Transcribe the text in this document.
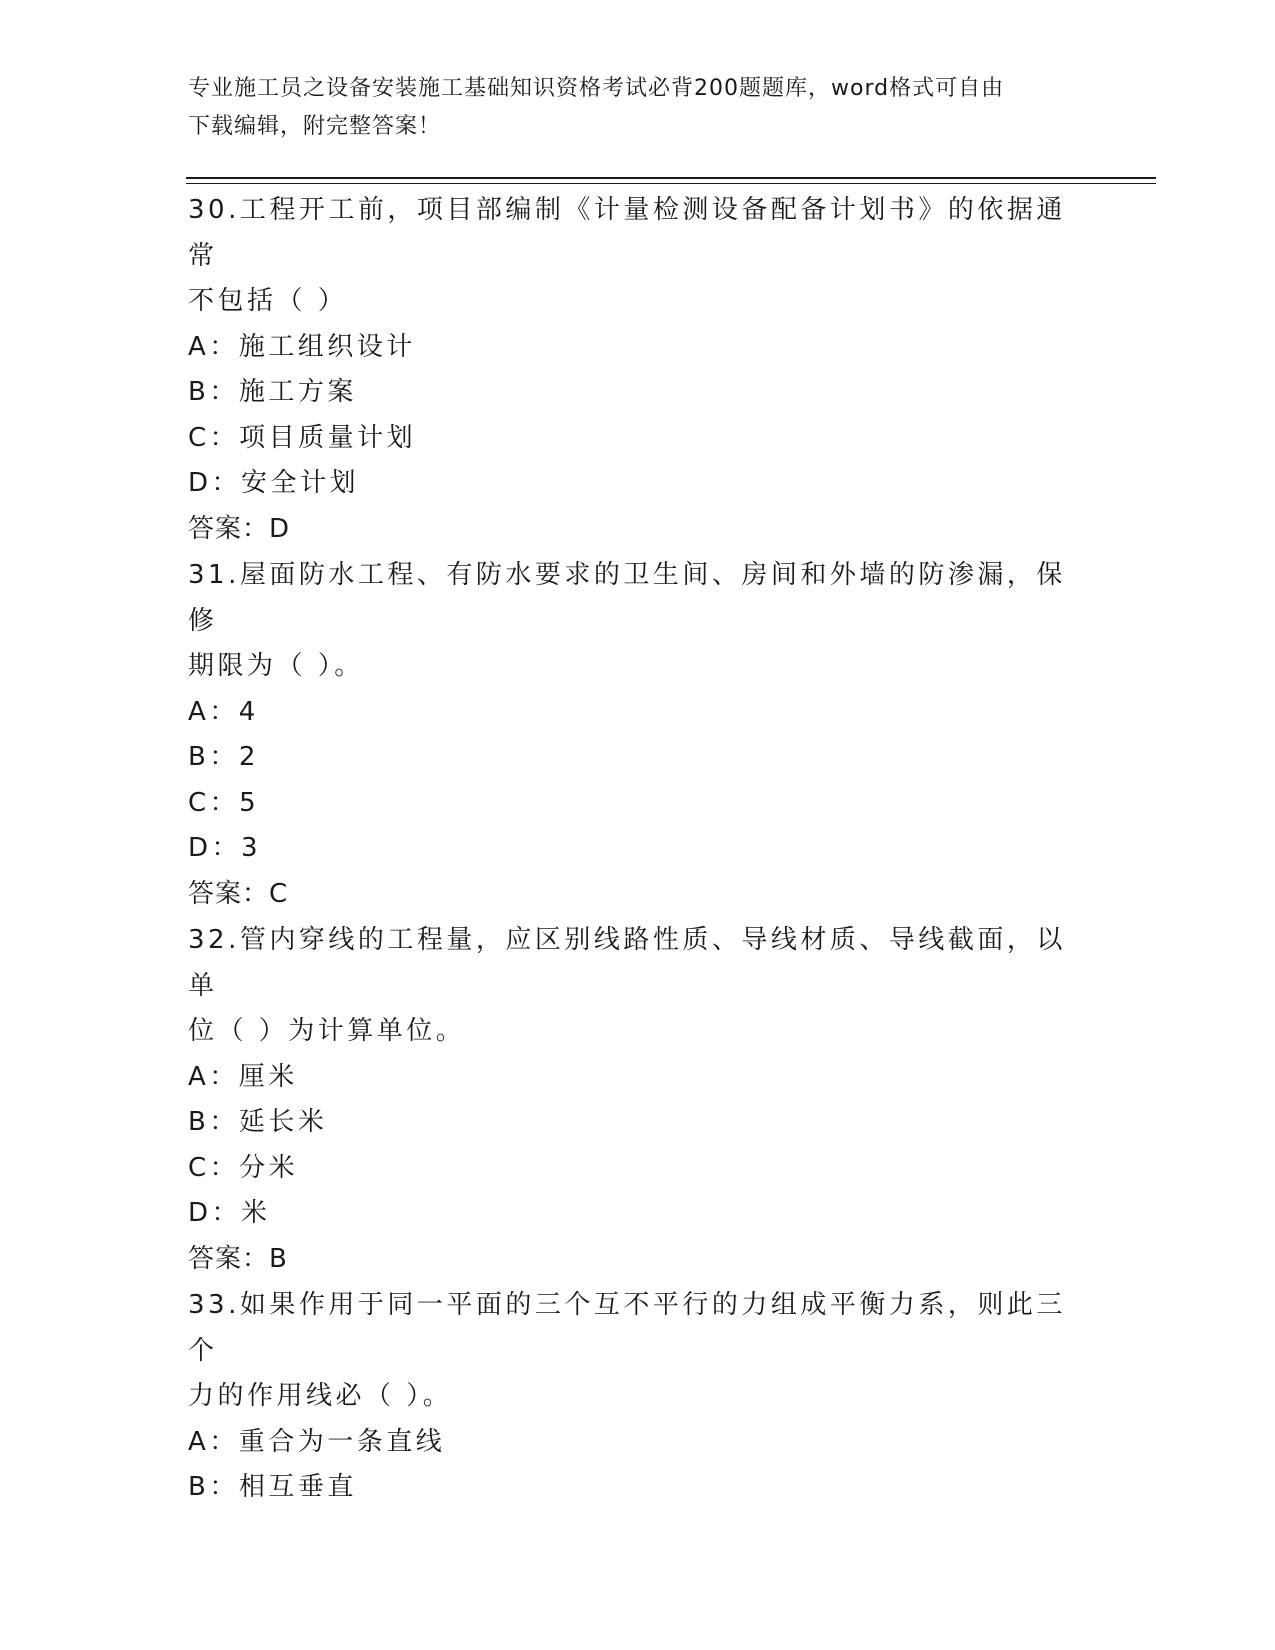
专业施工员之设备安装施工基础知识资格考试必背200题题库，word格式可自由
下载编辑，附完整答案！
30.工程开工前，项目部编制《计量检测设备配备计划书》的依据通常
不包括（ ）
A：施工组织设计
B：施工方案
C：项目质量计划
D：安全计划
答案：D
31.屋面防水工程、有防水要求的卫生间、房间和外墙的防渗漏，保修
期限为（ ）。
A：4
B：2
C：5
D：3
答案：C
32.管内穿线的工程量，应区别线路性质、导线材质、导线截面，以单
位（ ）为计算单位。
A：厘米
B：延长米
C：分米
D：米
答案：B
33.如果作用于同一平面的三个互不平行的力组成平衡力系，则此三个
力的作用线必（ ）。
A：重合为一条直线
B：相互垂直
